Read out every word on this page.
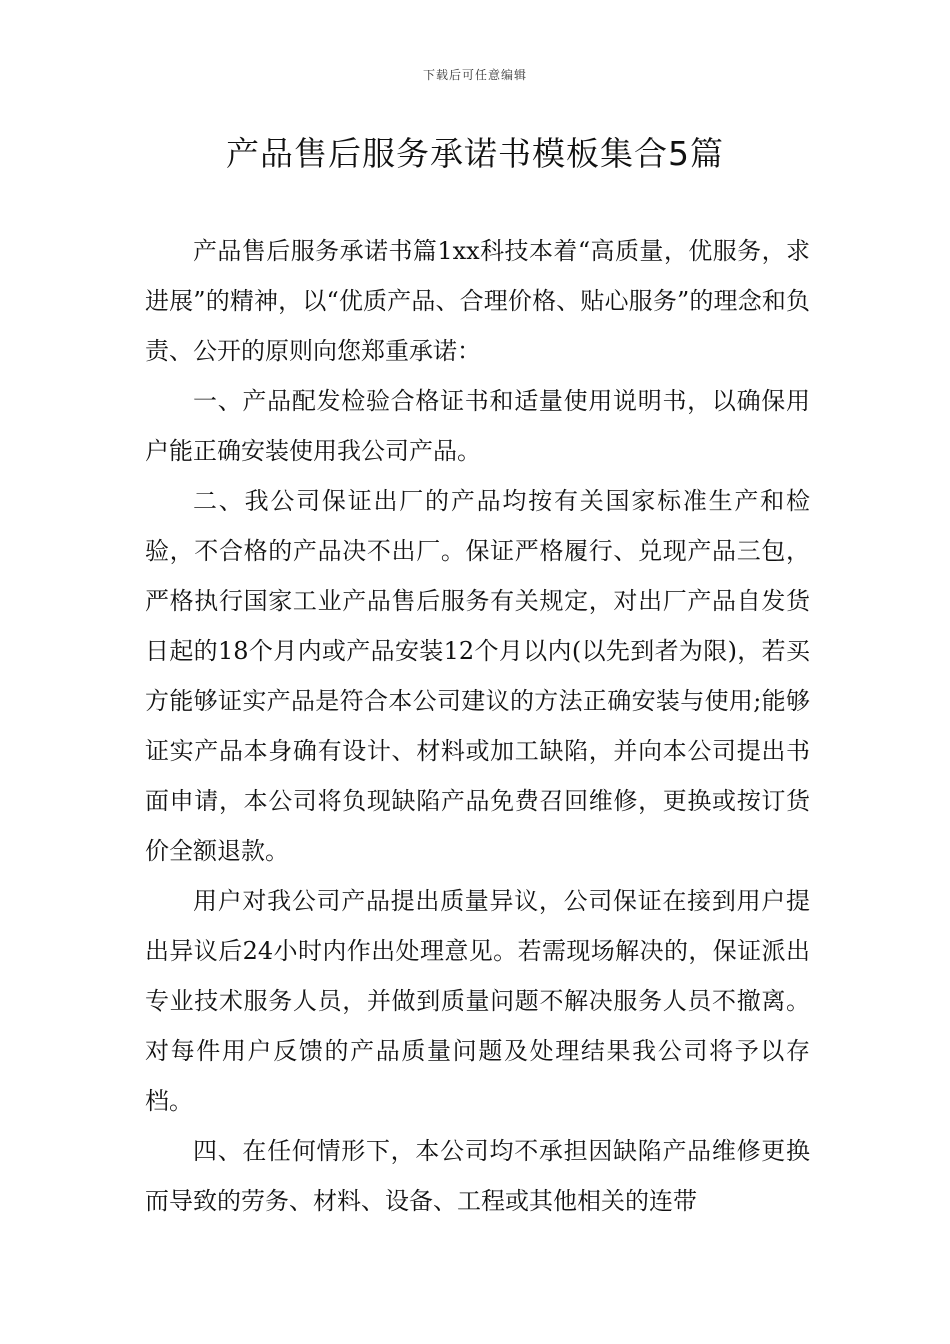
下载后可任意编辑
产品售后服务承诺书模板集合5篇

产品售后服务承诺书篇1xx科技本着“高质量，优服务，求进展”的精神，以“优质产品、合理价格、贴心服务”的理念和负责、公开的原则向您郑重承诺：

一、产品配发检验合格证书和适量使用说明书，以确保用户能正确安装使用我公司产品。

二、我公司保证出厂的产品均按有关国家标准生产和检验，不合格的产品决不出厂。保证严格履行、兑现产品三包，严格执行国家工业产品售后服务有关规定，对出厂产品自发货日起的18个月内或产品安装12个月以内(以先到者为限)，若买方能够证实产品是符合本公司建议的方法正确安装与使用;能够证实产品本身确有设计、材料或加工缺陷，并向本公司提出书面申请，本公司将负现缺陷产品免费召回维修，更换或按订货价全额退款。

用户对我公司产品提出质量异议，公司保证在接到用户提出异议后24小时内作出处理意见。若需现场解决的，保证派出专业技术服务人员，并做到质量问题不解决服务人员不撤离。对每件用户反馈的产品质量问题及处理结果我公司将予以存档。

四、在任何情形下，本公司均不承担因缺陷产品维修更换而导致的劳务、材料、设备、工程或其他相关的连带
